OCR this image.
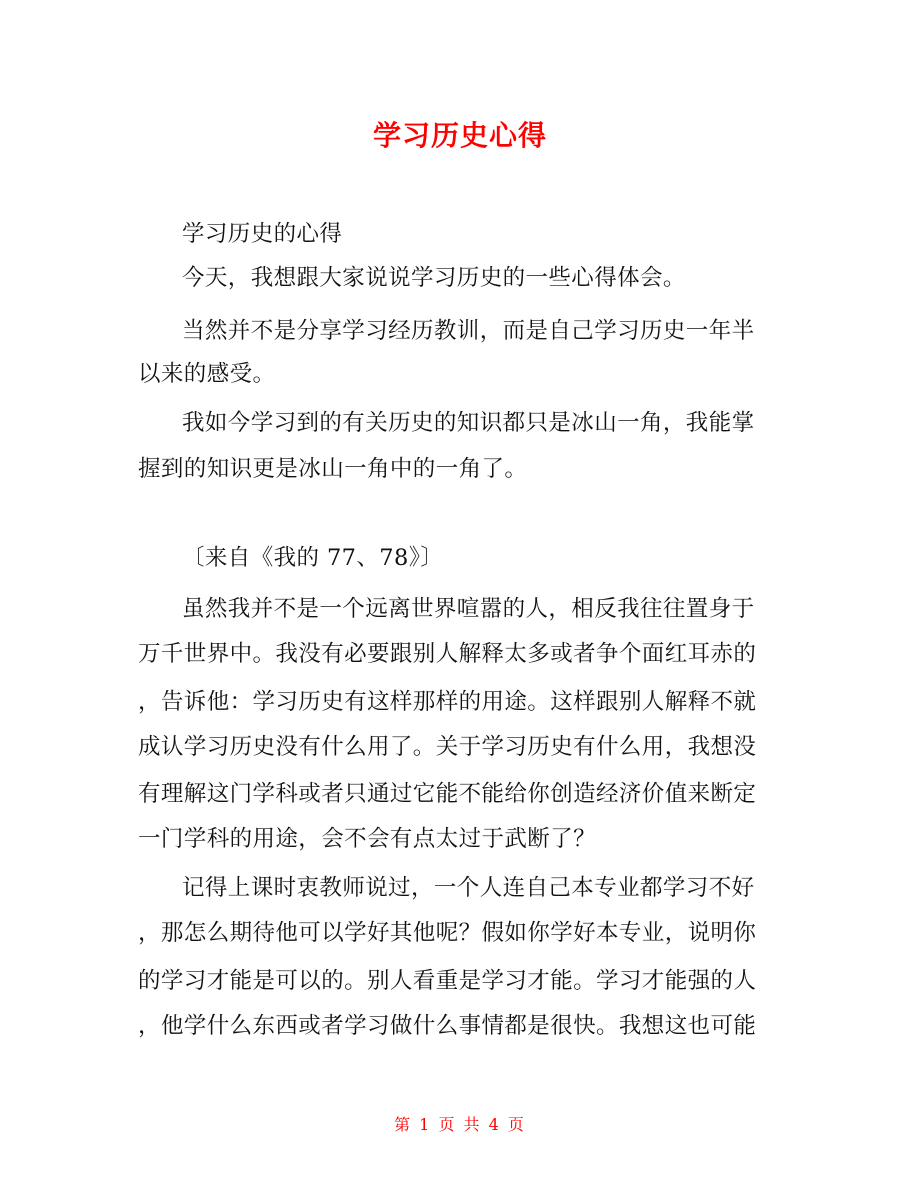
学习历史心得
学习历史的心得
今天，我想跟大家说说学习历史的一些心得体会。
当然并不是分享学习经历教训，而是自己学习历史一年半
以来的感受。
我如今学习到的有关历史的知识都只是冰山一角，我能掌
握到的知识更是冰山一角中的一角了。
〔来自《我的 77、78》〕
虽然我并不是一个远离世界喧嚣的人，相反我往往置身于
万千世界中。我没有必要跟别人解释太多或者争个面红耳赤的
，告诉他：学习历史有这样那样的用途。这样跟别人解释不就
成认学习历史没有什么用了。关于学习历史有什么用，我想没
有理解这门学科或者只通过它能不能给你创造经济价值来断定
一门学科的用途，会不会有点太过于武断了？
记得上课时衷教师说过，一个人连自己本专业都学习不好
，那怎么期待他可以学好其他呢？假如你学好本专业，说明你
的学习才能是可以的。别人看重是学习才能。学习才能强的人
，他学什么东西或者学习做什么事情都是很快。我想这也可能
第 1 页 共 4 页
